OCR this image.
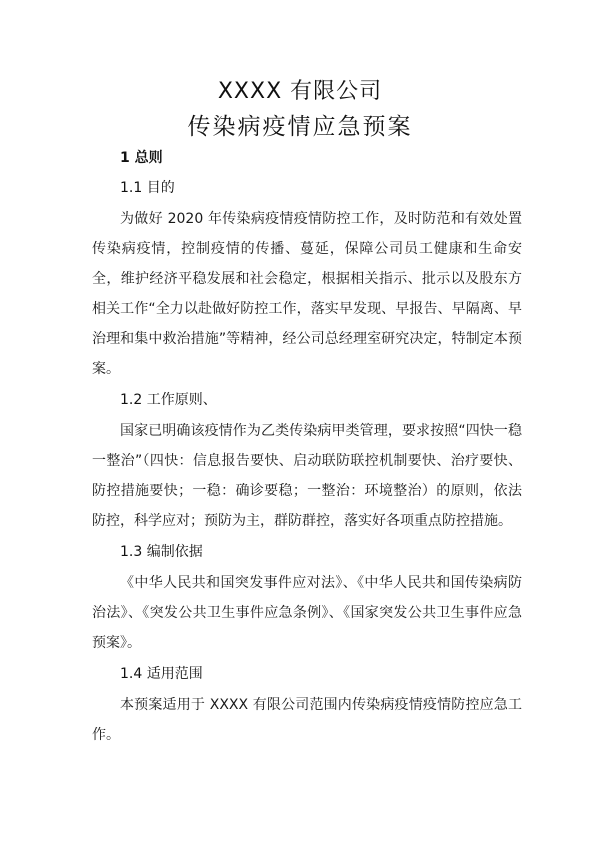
XXXX 有限公司
传染病疫情应急预案
1 总则
1.1 目的

为做好 2020 年传染病疫情疫情防控工作，及时防范和有效处置传染病疫情，控制疫情的传播、蔓延，保障公司员工健康和生命安全，维护经济平稳发展和社会稳定，根据相关指示、批示以及股东方相关工作“全力以赴做好防控工作，落实早发现、早报告、早隔离、早治理和集中救治措施”等精神，经公司总经理室研究决定，特制定本预案。

1.2 工作原则、

国家已明确该疫情作为乙类传染病甲类管理，要求按照“四快一稳一整治”（四快：信息报告要快、启动联防联控机制要快、治疗要快、防控措施要快；一稳：确诊要稳；一整治：环境整治）的原则，依法防控，科学应对；预防为主，群防群控，落实好各项重点防控措施。

1.3 编制依据

《中华人民共和国突发事件应对法》、《中华人民共和国传染病防治法》、《突发公共卫生事件应急条例》、《国家突发公共卫生事件应急预案》。

1.4 适用范围

本预案适用于 XXXX 有限公司范围内传染病疫情疫情防控应急工作。
